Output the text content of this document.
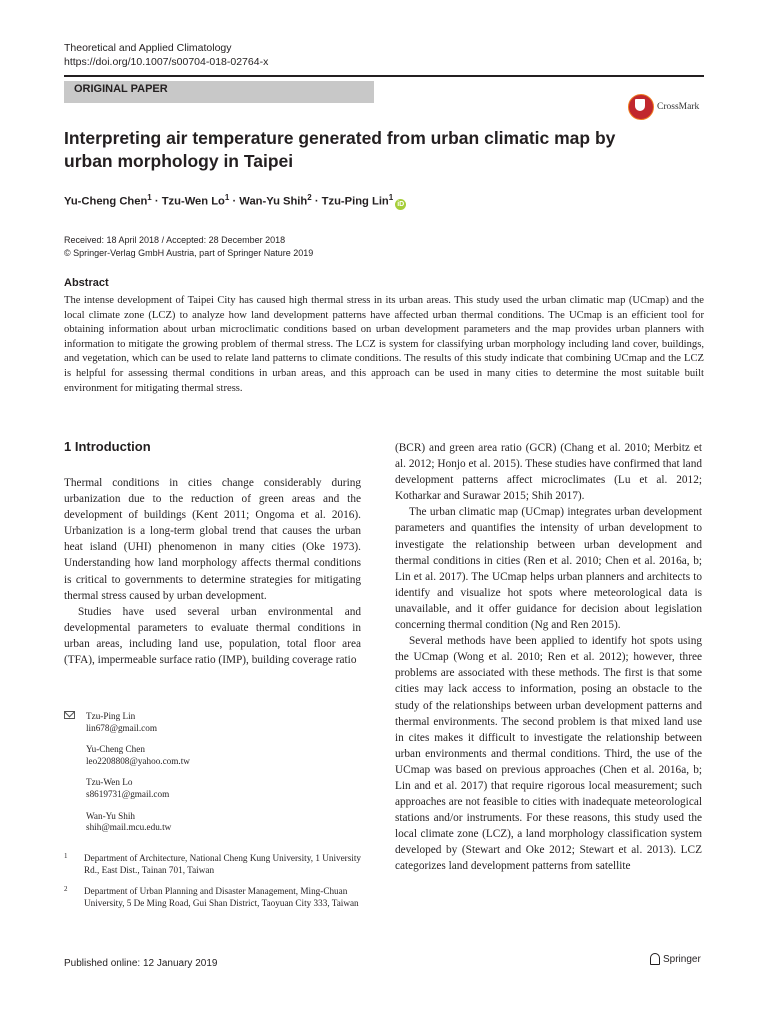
Theoretical and Applied Climatology
https://doi.org/10.1007/s00704-018-02764-x
ORIGINAL PAPER
CrossMark
Interpreting air temperature generated from urban climatic map by urban morphology in Taipei
Yu-Cheng Chen$^1$ · Tzu-Wen $Lo^1 \cdot Wan-Yu$ Shih$^2$ · Tzu-Ping Lin$^1$iD
Received: 18 April 2018 / Accepted: 28 December 2018
© Springer-Verlag GmbH Austria, part of Springer Nature 2019
Abstract

The intense development of Taipei City has caused high thermal stress in its urban areas. This study used the urban climatic map (UCmap) and the local climate zone (LCZ) to analyze how land development patterns have affected urban thermal conditions. The UCmap is an efficient tool for obtaining information about urban microclimatic conditions based on urban development parameters and the map provides urban planners with information to mitigate the growing problem of thermal stress. The LCZ is system for classifying urban morphology including land cover, buildings, and vegetation, which can be used to relate land patterns to climate conditions. The results of this study indicate that combining UCmap and the LCZ is helpful for assessing thermal conditions in urban areas, and this approach can be used in many cities to determine the most suitable built environment for mitigating thermal stress.

1 Introduction

Thermal conditions in cities change considerably during urbanization due to the reduction of green areas and the development of buildings (Kent 2011; Ongoma et al. 2016). Urbanization is a long-term global trend that causes the urban heat island (UHI) phenomenon in many cities (Oke 1973). Understanding how land morphology affects thermal conditions is critical to governments to determine strategies for mitigating thermal stress caused by urban development.

Studies have used several urban environmental and developmental parameters to evaluate thermal conditions in urban areas, including land use, population, total floor area (TFA), impermeable surface ratio (IMP), building coverage ratio

(BCR) and green area ratio (GCR) (Chang et al. 2010; Merbitz et al. 2012; Honjo et al. 2015). These studies have confirmed that land development patterns affect microclimates (Lu et al. 2012; Kotharkar and Surawar 2015; Shih 2017).

The urban climatic map (UCmap) integrates urban development parameters and quantifies the intensity of urban development to investigate the relationship between urban development and thermal conditions in cities (Ren et al. 2010; Chen et al. 2016a, b; Lin et al. 2017). The UCmap helps urban planners and architects to identify and visualize hot spots where meteorological data is unavailable, and it offer guidance for decision about legislation concerning thermal condition (Ng and Ren 2015).

Several methods have been applied to identify hot spots using the UCmap (Wong et al. 2010; Ren et al. 2012); however, three problems are associated with these methods. The first is that some cities may lack access to information, posing an obstacle to the study of the relationships between urban development patterns and thermal environments. The second problem is that mixed land use in cites makes it difficult to investigate the relationship between urban environments and thermal conditions. Third, the use of the UCmap was based on previous approaches (Chen et al. 2016a, b; Lin and et al. 2017) that require rigorous local measurement; such approaches are not feasible to cities with inadequate meteorological stations and/or instruments. For these reasons, this study used the local climate zone (LCZ), a land morphology classification system developed by (Stewart and Oke 2012; Stewart et al. 2013). LCZ categorizes land development patterns from satellite

Tzu-Ping Lin
lin678@gmail.com
Yu-Cheng Chen
leo2208808@yahoo.com.tw
Tzu-Wen Lo
s8619731@gmail.com
Wan-Yu Shih
shih@mail.mcu.edu.tw
1 Department of Architecture, National Cheng Kung University, 1 University Rd., East Dist., Tainan 701, Taiwan
2 Department of Urban Planning and Disaster Management, Ming-Chuan University, 5 De Ming Road, Gui Shan District, Taoyuan City 333, Taiwan
Published online: 12 January 2019	Springer
